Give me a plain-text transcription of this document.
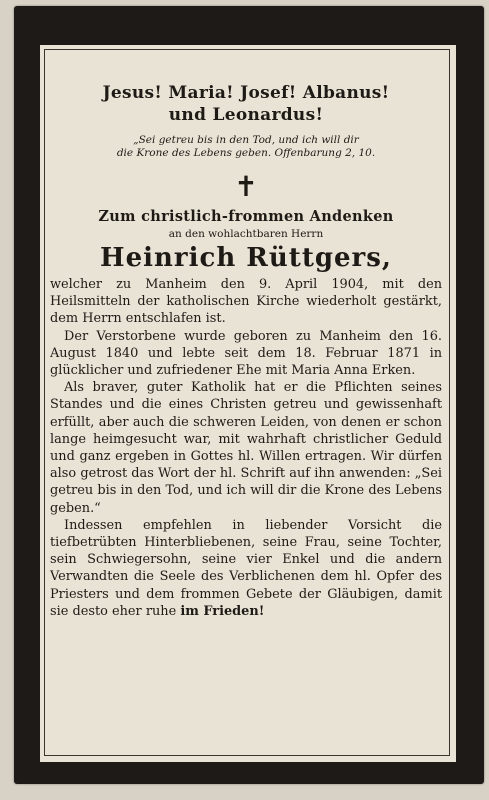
Jesus! Maria! Josef! Albanus!
und Leonardus!
„Sei getreu bis in den Tod, und ich will dir
die Krone des Lebens geben. Offenbarung 2, 10.
✝
Zum christlich-frommen Andenken
an den wohlachtbaren Herrn
Heinrich Rüttgers,

welcher zu Manheim den 9. April 1904, mit den Heilsmitteln der katholischen Kirche wiederholt gestärkt, dem Herrn entschlafen ist.

Der Verstorbene wurde geboren zu Manheim den 16. August 1840 und lebte seit dem 18. Februar 1871 in glücklicher und zufriedener Ehe mit Maria Anna Erken.

Als braver, guter Katholik hat er die Pflichten seines Standes und die eines Christen getreu und gewissenhaft erfüllt, aber auch die schweren Leiden, von denen er schon lange heimgesucht war, mit wahrhaft christlicher Geduld und ganz ergeben in Gottes hl. Willen ertragen. Wir dürfen also getrost das Wort der hl. Schrift auf ihn anwenden: „Sei getreu bis in den Tod, und ich will dir die Krone des Lebens geben.“

Indessen empfehlen in liebender Vorsicht die tiefbetrübten Hinterbliebenen, seine Frau, seine Tochter, sein Schwiegersohn, seine vier Enkel und die andern Verwandten die Seele des Verblichenen dem hl. Opfer des Priesters und dem frommen Gebete der Gläubigen, damit sie desto eher ruhe im Frieden!
